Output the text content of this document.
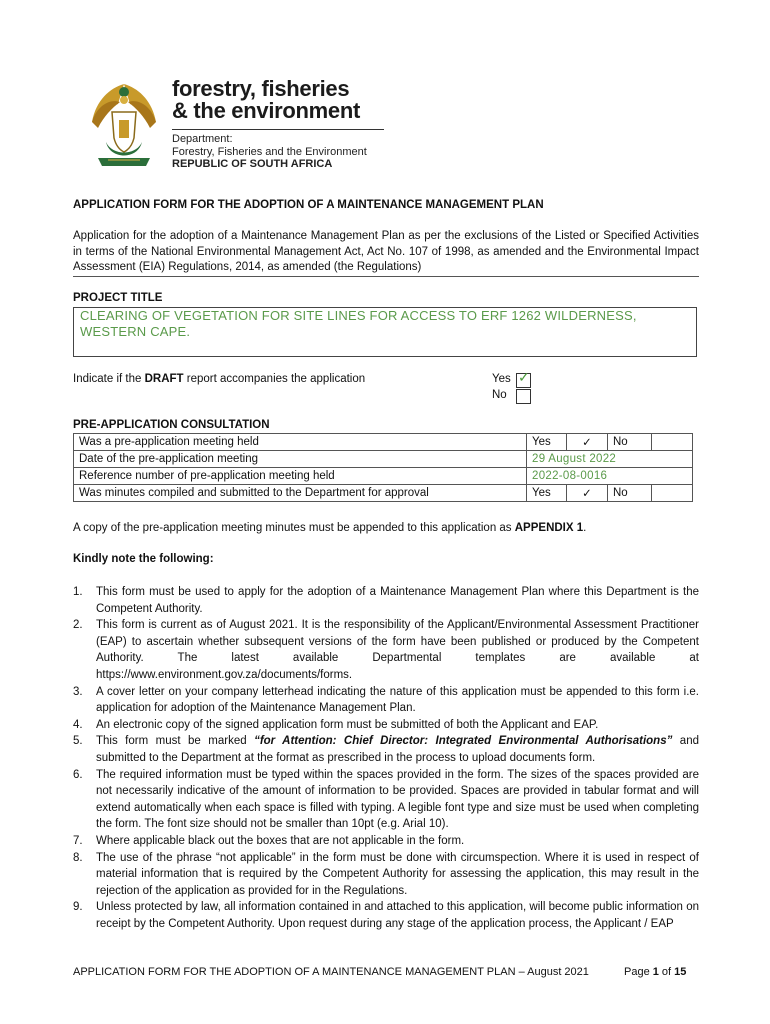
forestry, fisheries
& the environment
Department:
Forestry, Fisheries and the Environment
REPUBLIC OF SOUTH AFRICA
APPLICATION FORM FOR THE ADOPTION OF A MAINTENANCE MANAGEMENT PLAN
Application for the adoption of a Maintenance Management Plan as per the exclusions of the Listed or Specified Activities in terms of the National Environmental Management Act, Act No. 107 of 1998, as amended and the Environmental Impact Assessment (EIA) Regulations, 2014, as amended (the Regulations)
PROJECT TITLE
CLEARING OF VEGETATION FOR SITE LINES FOR ACCESS TO ERF 1262 WILDERNESS, WESTERN CAPE.
Indicate if the DRAFT report accompanies the application	Yes ✓
No
PRE-APPLICATION CONSULTATION
Was a pre-application meeting held	Yes	✓	No	
Date of the pre-application meeting	29 August 2022			
Reference number of pre-application meeting held	2022-08-0016			
Was minutes compiled and submitted to the Department for approval	Yes	✓	No	
A copy of the pre-application meeting minutes must be appended to this application as APPENDIX 1.
Kindly note the following:
1. This form must be used to apply for the adoption of a Maintenance Management Plan where this Department is the Competent Authority.
2. This form is current as of August 2021. It is the responsibility of the Applicant/Environmental Assessment Practitioner (EAP) to ascertain whether subsequent versions of the form have been published or produced by the Competent Authority. The latest available Departmental templates are available at https://www.environment.gov.za/documents/forms.
3. A cover letter on your company letterhead indicating the nature of this application must be appended to this form i.e. application for adoption of the Maintenance Management Plan.
4. An electronic copy of the signed application form must be submitted of both the Applicant and EAP.
5. This form must be marked “for Attention: Chief Director: Integrated Environmental Authorisations” and submitted to the Department at the format as prescribed in the process to upload documents form.
6. The required information must be typed within the spaces provided in the form. The sizes of the spaces provided are not necessarily indicative of the amount of information to be provided. Spaces are provided in tabular format and will extend automatically when each space is filled with typing. A legible font type and size must be used when completing the form. The font size should not be smaller than 10pt (e.g. Arial 10).
7. Where applicable black out the boxes that are not applicable in the form.
8. The use of the phrase “not applicable” in the form must be done with circumspection. Where it is used in respect of material information that is required by the Competent Authority for assessing the application, this may result in the rejection of the application as provided for in the Regulations.
9. Unless protected by law, all information contained in and attached to this application, will become public information on receipt by the Competent Authority. Upon request during any stage of the application process, the Applicant / EAP
APPLICATION FORM FOR THE ADOPTION OF A MAINTENANCE MANAGEMENT PLAN – August 2021	Page 1 of 15
